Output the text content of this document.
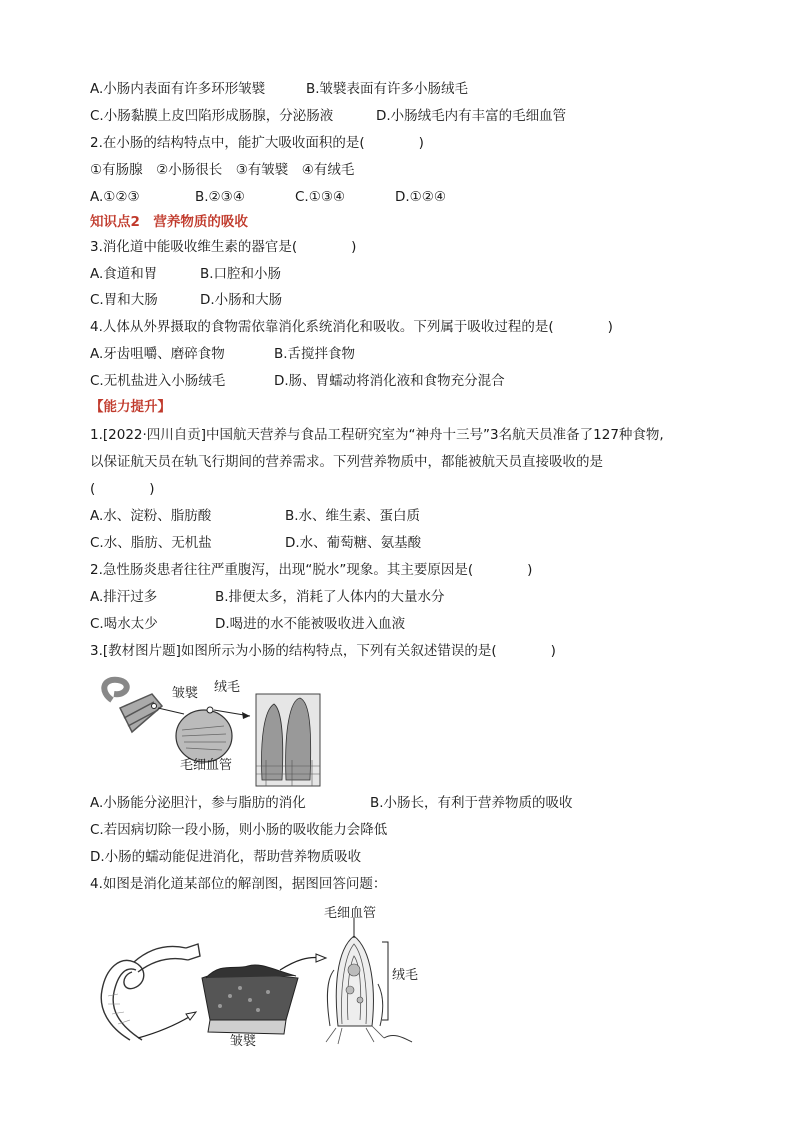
A.小肠内表面有许多环形皱襞	B.皱襞表面有许多小肠绒毛
C.小肠黏膜上皮凹陷形成肠腺，分泌肠液	D.小肠绒毛内有丰富的毛细血管
2.在小肠的结构特点中，能扩大吸收面积的是(　　　　)
①有肠腺　②小肠很长　③有皱襞　④有绒毛
A.①②③	B.②③④	C.①③④	D.①②④
知识点2　营养物质的吸收
3.消化道中能吸收维生素的器官是(　　　　)
A.食道和胃	B.口腔和小肠
C.胃和大肠	D.小肠和大肠
4.人体从外界摄取的食物需依靠消化系统消化和吸收。下列属于吸收过程的是(　　　　)
A.牙齿咀嚼、磨碎食物	B.舌搅拌食物
C.无机盐进入小肠绒毛	D.肠、胃蠕动将消化液和食物充分混合
【能力提升】
1.[2022·四川自贡]中国航天营养与食品工程研究室为“神舟十三号”3名航天员准备了127种食物,
以保证航天员在轨飞行期间的营养需求。下列营养物质中，都能被航天员直接吸收的是
(　　　　)
A.水、淀粉、脂肪酸	B.水、维生素、蛋白质
C.水、脂肪、无机盐	D.水、葡萄糖、氨基酸
2.急性肠炎患者往往严重腹泻，出现“脱水”现象。其主要原因是(　　　　)
A.排汗过多	B.排便太多，消耗了人体内的大量水分
C.喝水太少	D.喝进的水不能被吸收进入血液
3.[教材图片题]如图所示为小肠的结构特点，下列有关叙述错误的是(　　　　)
皱襞 绒毛
毛细血管
A.小肠能分泌胆汁，参与脂肪的消化	B.小肠长，有利于营养物质的吸收
C.若因病切除一段小肠，则小肠的吸收能力会降低
D.小肠的蠕动能促进消化，帮助营养物质吸收
4.如图是消化道某部位的解剖图，据图回答问题：
毛细血管
绒毛
皱襞
